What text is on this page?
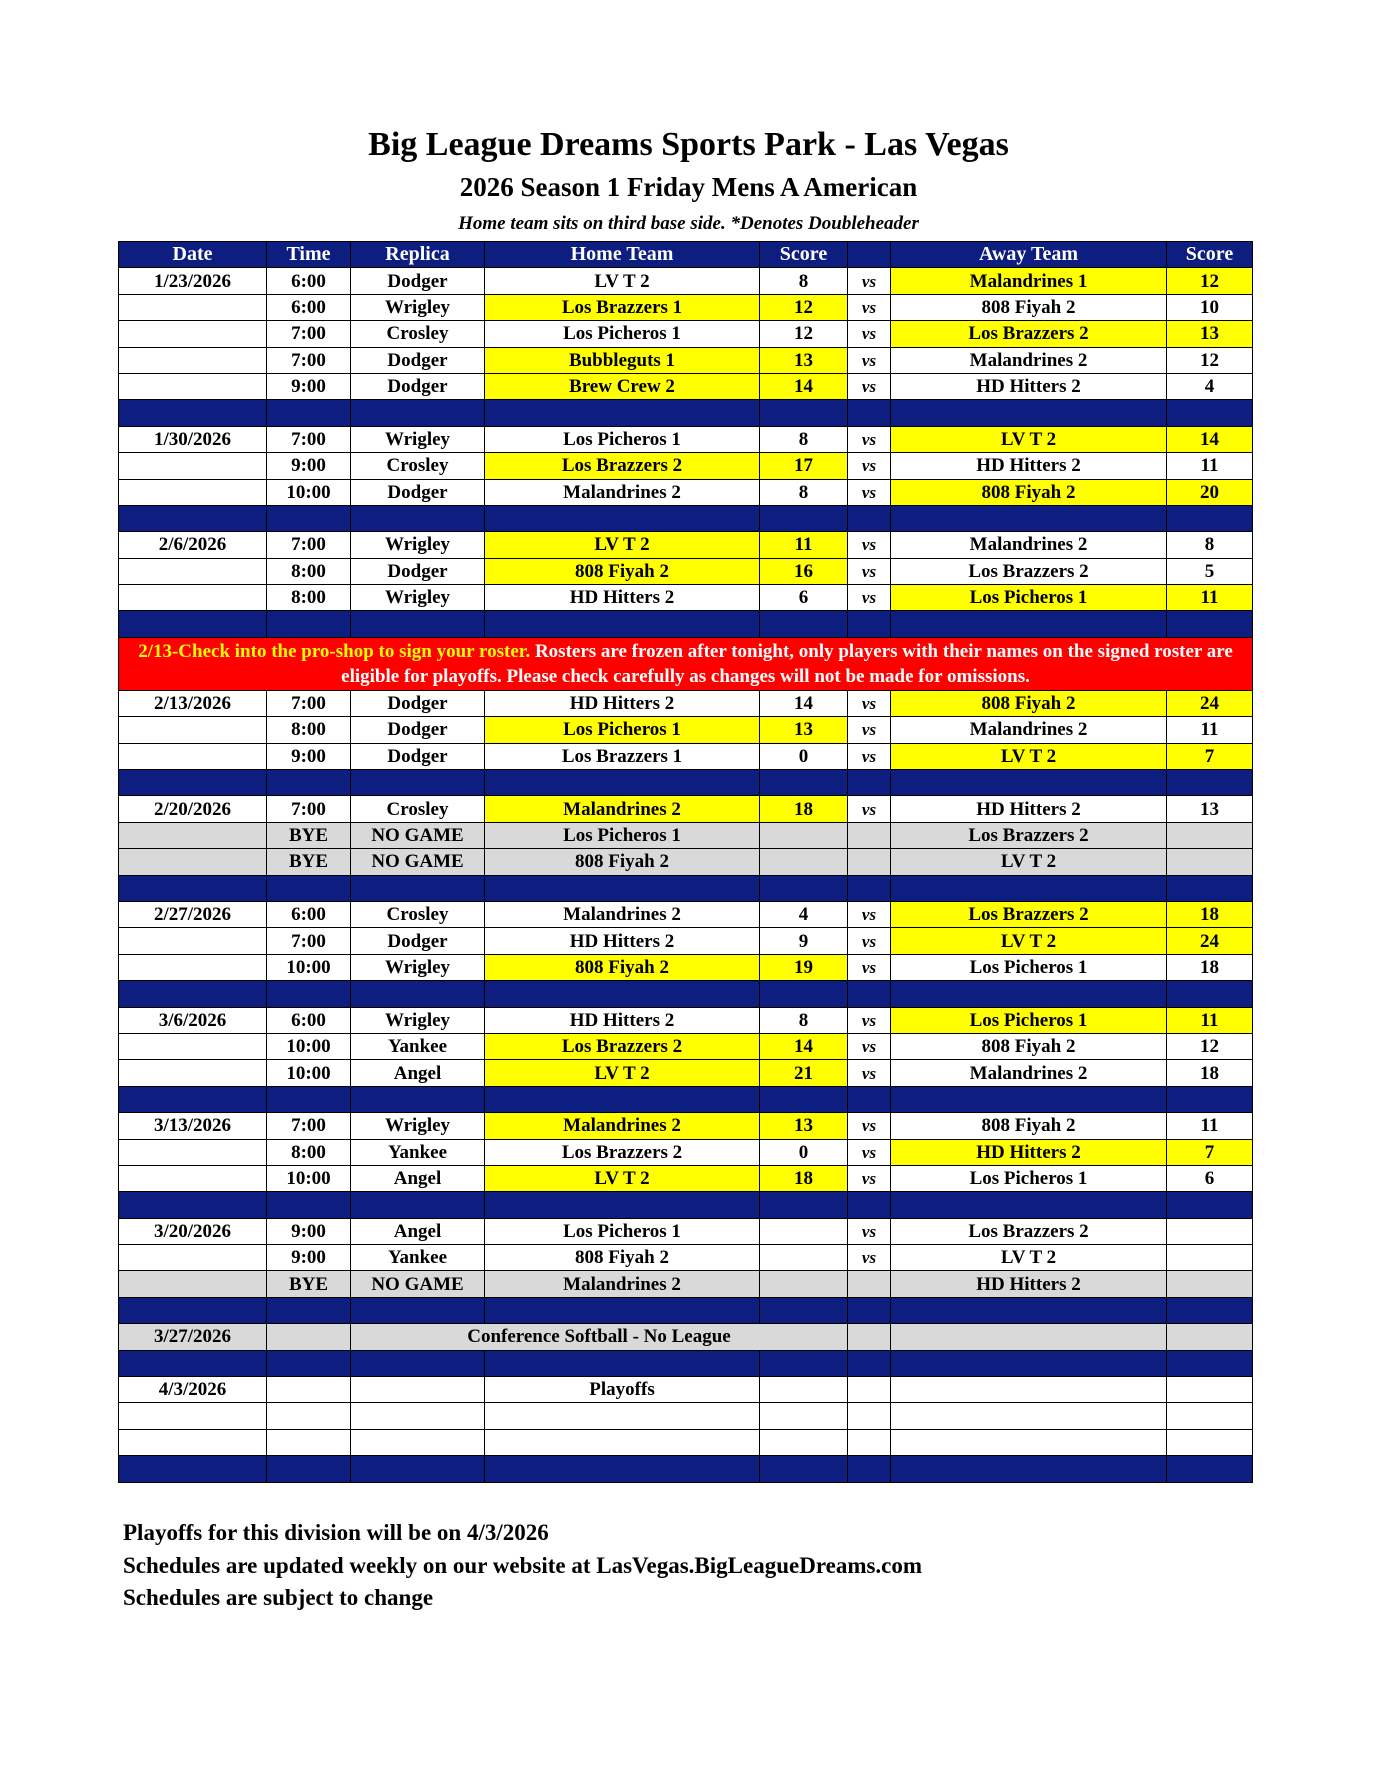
Big League Dreams Sports Park - Las Vegas
2026 Season 1 Friday Mens A American
Home team sits on third base side. *Denotes Doubleheader
Date	Time	Replica	Home Team	Score		Away Team	Score
1/23/2026	6:00	Dodger	LV T 2	8	vs	Malandrines 1	12
	6:00	Wrigley	Los Brazzers 1	12	vs	808 Fiyah 2	10
	7:00	Crosley	Los Picheros 1	12	vs	Los Brazzers 2	13
	7:00	Dodger	Bubbleguts 1	13	vs	Malandrines 2	12
	9:00	Dodger	Brew Crew 2	14	vs	HD Hitters 2	4

1/30/2026	7:00	Wrigley	Los Picheros 1	8	vs	LV T 2	14
	9:00	Crosley	Los Brazzers 2	17	vs	HD Hitters 2	11
	10:00	Dodger	Malandrines 2	8	vs	808 Fiyah 2	20

2/6/2026	7:00	Wrigley	LV T 2	11	vs	Malandrines 2	8
	8:00	Dodger	808 Fiyah 2	16	vs	Los Brazzers 2	5
	8:00	Wrigley	HD Hitters 2	6	vs	Los Picheros 1	11

2/13-Check into the pro-shop to sign your roster. Rosters are frozen after tonight, only players with their names on the signed roster are eligible for playoffs. Please check carefully as changes will not be made for omissions.							
2/13/2026	7:00	Dodger	HD Hitters 2	14	vs	808 Fiyah 2	24
	8:00	Dodger	Los Picheros 1	13	vs	Malandrines 2	11
	9:00	Dodger	Los Brazzers 1	0	vs	LV T 2	7

2/20/2026	7:00	Crosley	Malandrines 2	18	vs	HD Hitters 2	13
	BYE	NO GAME	Los Picheros 1			Los Brazzers 2	
	BYE	NO GAME	808 Fiyah 2			LV T 2	

2/27/2026	6:00	Crosley	Malandrines 2	4	vs	Los Brazzers 2	18
	7:00	Dodger	HD Hitters 2	9	vs	LV T 2	24
	10:00	Wrigley	808 Fiyah 2	19	vs	Los Picheros 1	18

3/6/2026	6:00	Wrigley	HD Hitters 2	8	vs	Los Picheros 1	11
	10:00	Yankee	Los Brazzers 2	14	vs	808 Fiyah 2	12
	10:00	Angel	LV T 2	21	vs	Malandrines 2	18

3/13/2026	7:00	Wrigley	Malandrines 2	13	vs	808 Fiyah 2	11
	8:00	Yankee	Los Brazzers 2	0	vs	HD Hitters 2	7
	10:00	Angel	LV T 2	18	vs	Los Picheros 1	6

3/20/2026	9:00	Angel	Los Picheros 1		vs	Los Brazzers 2	
	9:00	Yankee	808 Fiyah 2		vs	LV T 2	
	BYE	NO GAME	Malandrines 2			HD Hitters 2	

3/27/2026		Conference Softball - No League					

4/3/2026			Playoffs				

Playoffs for this division will be on 4/3/2026
Schedules are updated weekly on our website at LasVegas.BigLeagueDreams.com
Schedules are subject to change
